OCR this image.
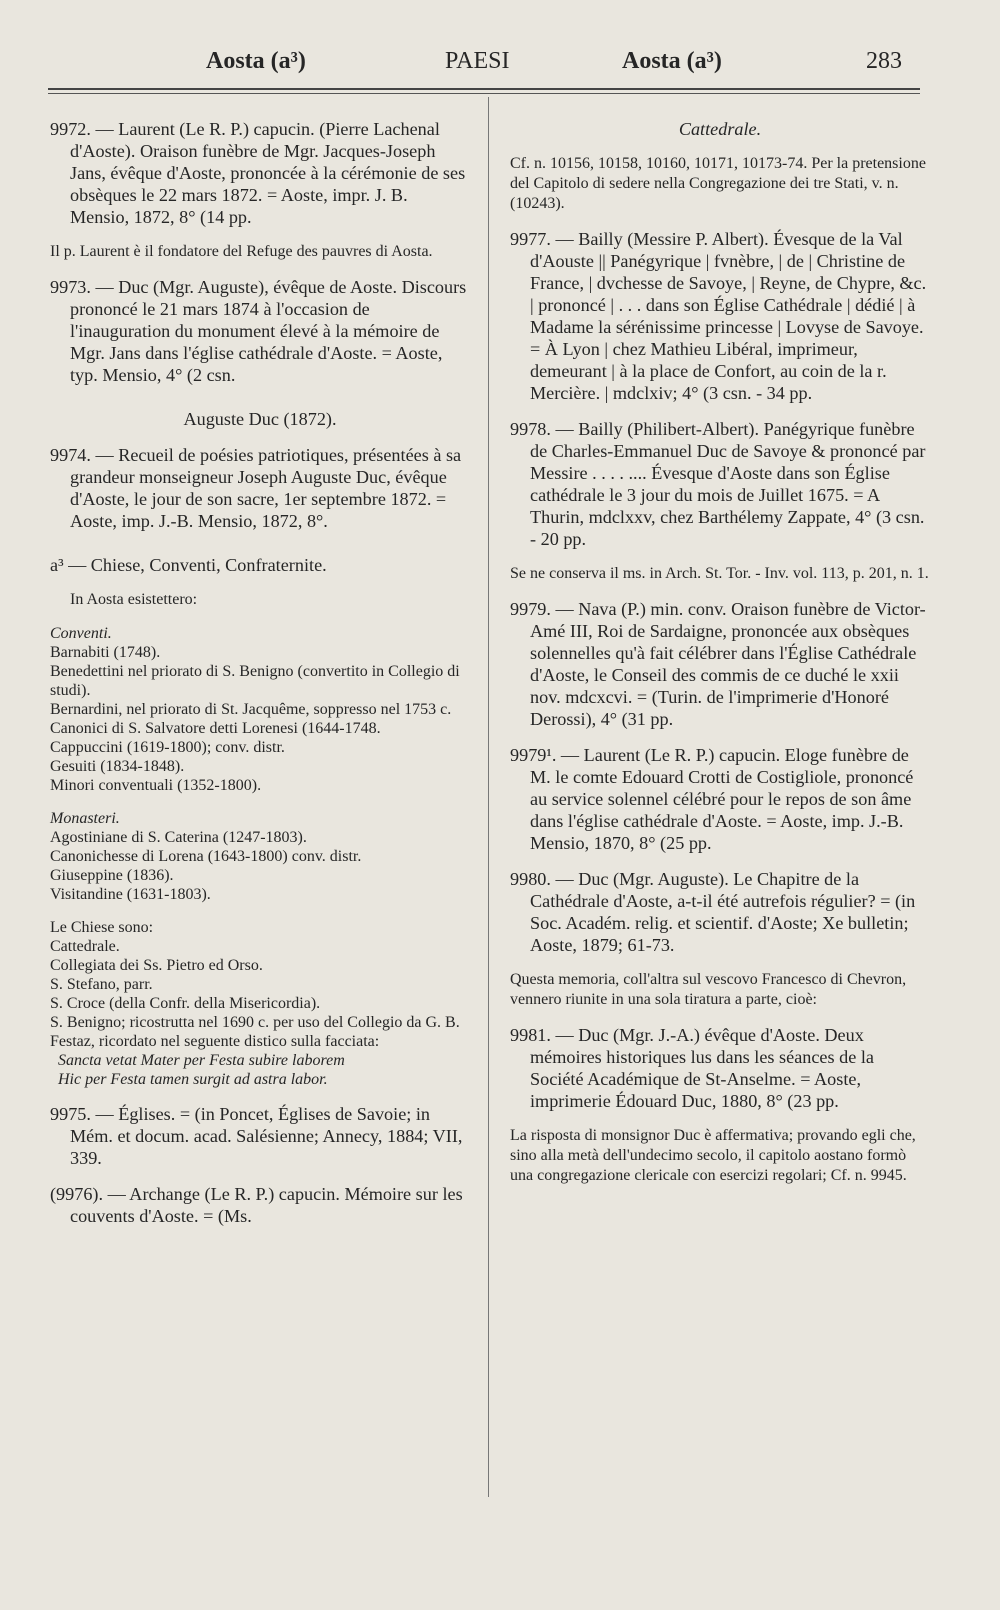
Aosta (a³)	PAESI	Aosta (a³)	283

9972. — Laurent (Le R. P.) capucin. (Pierre Lachenal d'Aoste). Oraison funèbre de Mgr. Jacques-Joseph Jans, évêque d'Aoste, prononcée à la cérémonie de ses obsèques le 22 mars 1872. = Aoste, impr. J. B. Mensio, 1872, 8° (14 pp.

Il p. Laurent è il fondatore del Refuge des pauvres di Aosta.

9973. — Duc (Mgr. Auguste), évêque de Aoste. Discours prononcé le 21 mars 1874 à l'occasion de l'inauguration du monument élevé à la mémoire de Mgr. Jans dans l'église cathédrale d'Aoste. = Aoste, typ. Mensio, 4° (2 csn.

Auguste Duc (1872).

9974. — Recueil de poésies patriotiques, présentées à sa grandeur monseigneur Joseph Auguste Duc, évêque d'Aoste, le jour de son sacre, 1er septembre 1872. = Aoste, imp. J.-B. Mensio, 1872, 8°.

a³ — Chiese, Conventi, Confraternite.

In Aosta esistettero:

Conventi.
Barnabiti (1748).
Benedettini nel priorato di S. Benigno (convertito in Collegio di studi).
Bernardini, nel priorato di St. Jacquême, soppresso nel 1753 c.
Canonici di S. Salvatore detti Lorenesi (1644-1748.
Cappuccini (1619-1800); conv. distr.
Gesuiti (1834-1848).
Minori conventuali (1352-1800).
Monasteri.
Agostiniane di S. Caterina (1247-1803).
Canonichesse di Lorena (1643-1800) conv. distr.
Giuseppine (1836).
Visitandine (1631-1803).
Le Chiese sono:
Cattedrale.
Collegiata dei Ss. Pietro ed Orso.
S. Stefano, parr.
S. Croce (della Confr. della Misericordia).
S. Benigno; ricostrutta nel 1690 c. per uso del Collegio da G. B. Festaz, ricordato nel seguente distico sulla facciata:
Sancta vetat Mater per Festa subire laborem
Hic per Festa tamen surgit ad astra labor.

9975. — Églises. = (in Poncet, Églises de Savoie; in Mém. et docum. acad. Salésienne; Annecy, 1884; VII, 339.

(9976). — Archange (Le R. P.) capucin. Mémoire sur les couvents d'Aoste. = (Ms.

Cattedrale.

Cf. n. 10156, 10158, 10160, 10171, 10173-74. Per la pretensione del Capitolo di sedere nella Congregazione dei tre Stati, v. n. (10243).

9977. — Bailly (Messire P. Albert). Évesque de la Val d'Aouste || Panégyrique | fvnèbre, | de | Christine de France, | dvchesse de Savoye, | Reyne, de Chypre, &c. | prononcé | . . . dans son Église Cathédrale | dédié | à Madame la sérénissime princesse | Lovyse de Savoye. = À Lyon | chez Mathieu Libéral, imprimeur, demeurant | à la place de Confort, au coin de la r. Mercière. | mdclxiv; 4° (3 csn. - 34 pp.

9978. — Bailly (Philibert-Albert). Panégyrique funèbre de Charles-Emmanuel Duc de Savoye & prononcé par Messire . . . . .... Évesque d'Aoste dans son Église cathédrale le 3 jour du mois de Juillet 1675. = A Thurin, mdclxxv, chez Barthélemy Zappate, 4° (3 csn. - 20 pp.

Se ne conserva il ms. in Arch. St. Tor. - Inv. vol. 113, p. 201, n. 1.

9979. — Nava (P.) min. conv. Oraison funèbre de Victor-Amé III, Roi de Sardaigne, prononcée aux obsèques solennelles qu'à fait célébrer dans l'Église Cathédrale d'Aoste, le Conseil des commis de ce duché le xxii nov. mdcxcvi. = (Turin. de l'imprimerie d'Honoré Derossi), 4° (31 pp.

9979¹. — Laurent (Le R. P.) capucin. Eloge funèbre de M. le comte Edouard Crotti de Costigliole, prononcé au service solennel célébré pour le repos de son âme dans l'église cathédrale d'Aoste. = Aoste, imp. J.-B. Mensio, 1870, 8° (25 pp.

9980. — Duc (Mgr. Auguste). Le Chapitre de la Cathédrale d'Aoste, a-t-il été autrefois régulier? = (in Soc. Académ. relig. et scientif. d'Aoste; Xe bulletin; Aoste, 1879; 61-73.

Questa memoria, coll'altra sul vescovo Francesco di Chevron, vennero riunite in una sola tiratura a parte, cioè:

9981. — Duc (Mgr. J.-A.) évêque d'Aoste. Deux mémoires historiques lus dans les séances de la Société Académique de St-Anselme. = Aoste, imprimerie Édouard Duc, 1880, 8° (23 pp.

La risposta di monsignor Duc è affermativa; provando egli che, sino alla metà dell'undecimo secolo, il capitolo aostano formò una congregazione clericale con esercizi regolari; Cf. n. 9945.
